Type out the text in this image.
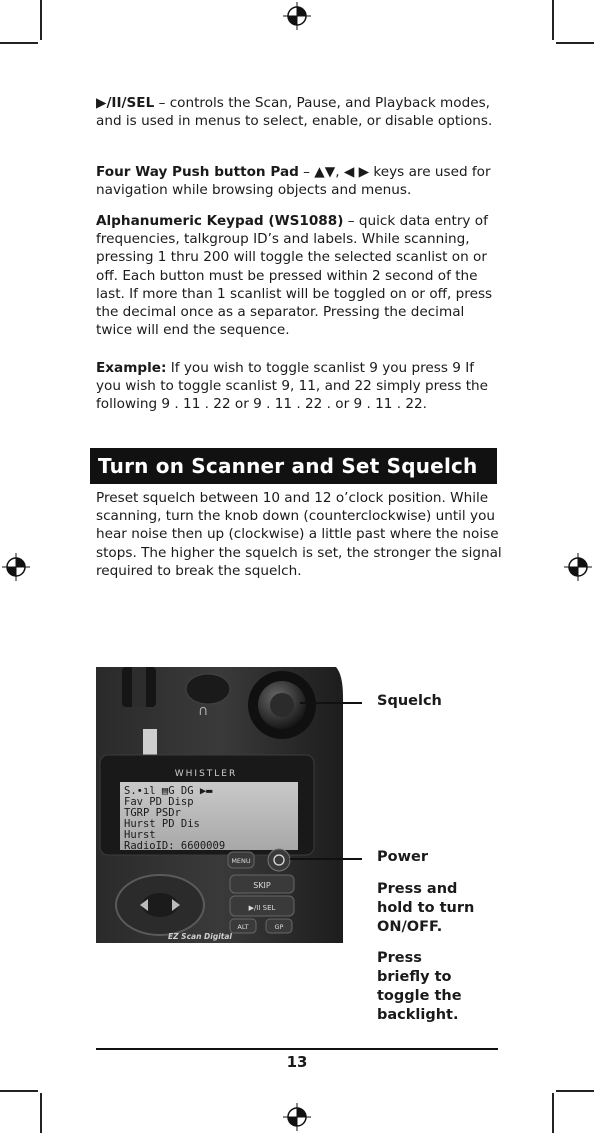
▶/II/SEL – controls the Scan, Pause, and Playback modes, and is used in menus to select, enable, or disable options.

Four Way Push button Pad – ▲▼, ◀ ▶ keys are used for navigation while browsing objects and menus.

Alphanumeric Keypad (WS1088) – quick data entry of frequencies, talkgroup ID’s and labels. While scanning, pressing 1 thru 200 will toggle the selected scanlist on or off. Each button must be pressed within 2 second of the last. If more than 1 scanlist will be toggled on or off, press the decimal once as a separator. Pressing the decimal twice will end the sequence.

Example: If you wish to toggle scanlist 9 you press 9 If you wish to toggle scanlist 9, 11, and 22 simply press the following 9 . 11 . 22 or 9 . 11 . 22 . or 9 . 11 . 22.

Turn on Scanner and Set Squelch

Preset squelch between 10 and 12 o’clock position. While scanning, turn the knob down (counterclockwise) until you hear noise then up (clockwise) a little past where the noise stops. The higher the squelch is set, the stronger the signal required to break the squelch.

∩
WHISTLER
S.∙ıl ▤G DG ▶▬
Fav PD Disp
TGRP PSDr
Hurst PD Dis
Hurst
RadioID: 6600009
MENU
SKIP
▶/II SEL
ALT	GP
EZ Scan Digital

Squelch

Power

Press and hold to turn ON/OFF.

Press briefly to toggle the backlight.

13
